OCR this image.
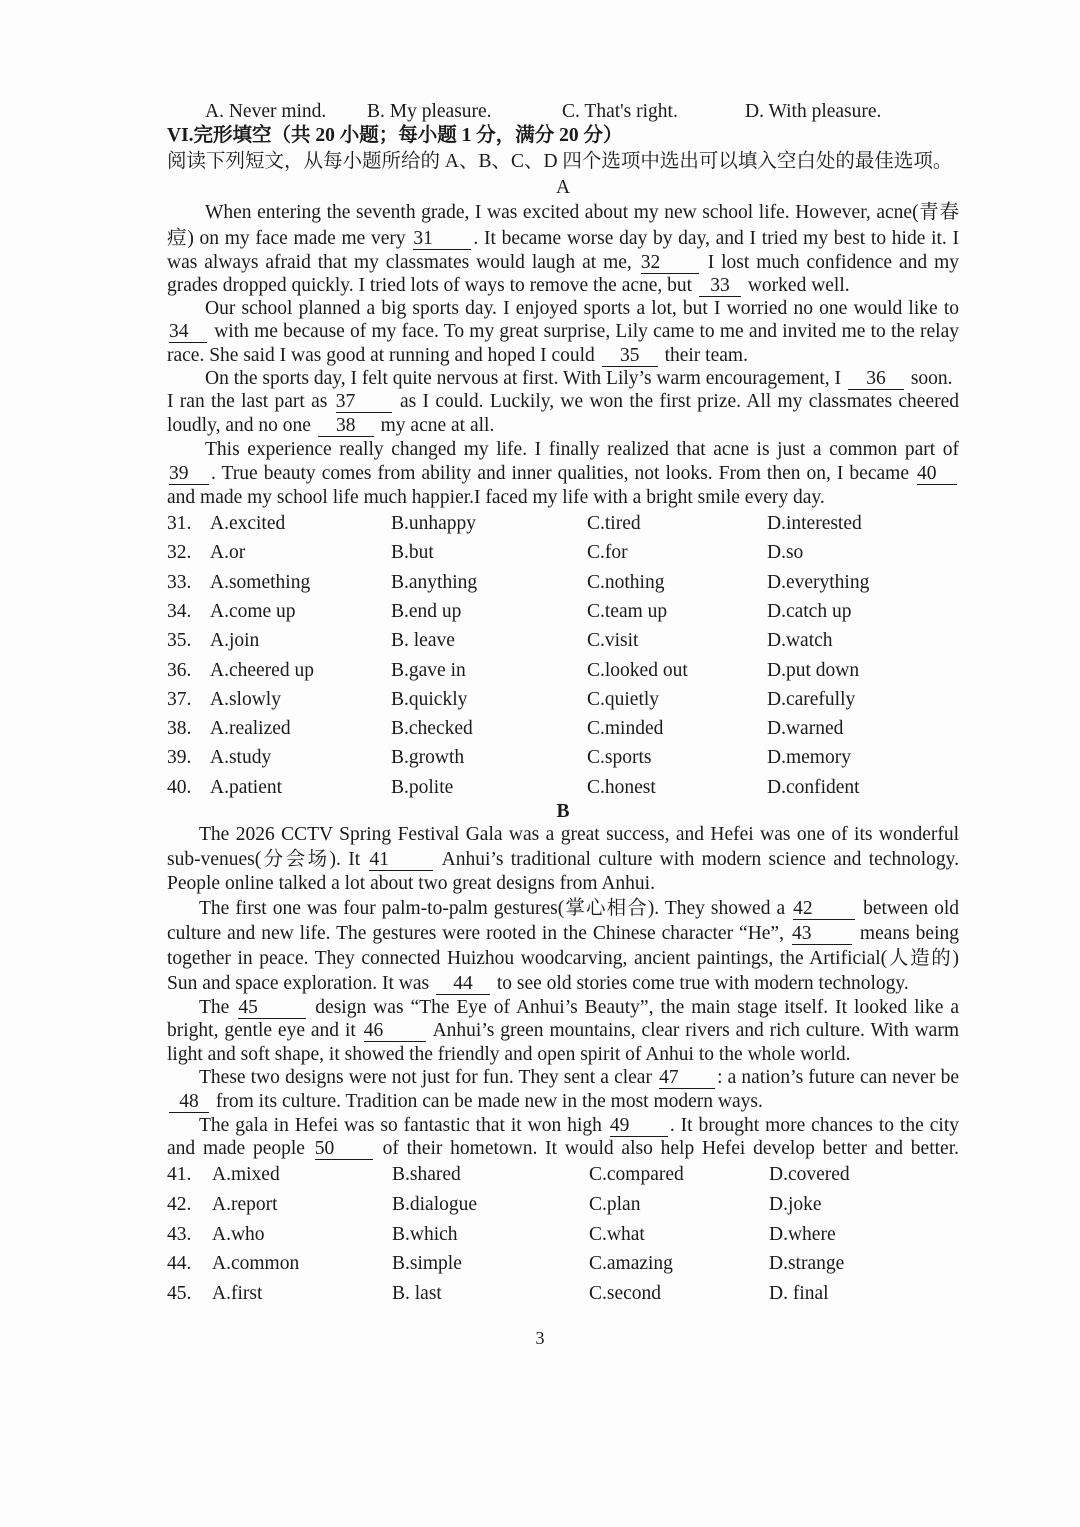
A. Never mind. B. My pleasure.	C. That's right.	D. With pleasure.
VI.完形填空（共 20 小题；每小题 1 分，满分 20 分）
阅读下列短文，从每小题所给的 A、B、C、D 四个选项中选出可以填入空白处的最佳选项。
A
When entering the seventh grade, I was excited about my new school life. However, acne(青春
痘) on my face made me very 31 . It became worse day by day, and I tried my best to hide it. I
was always afraid that my classmates would laugh at me, 32 I lost much confidence and my
grades dropped quickly. I tried lots of ways to remove the acne, but 33 worked well.
Our school planned a big sports day. I enjoyed sports a lot, but I worried no one would like to
34 with me because of my face. To my great surprise, Lily came to me and invited me to the relay
race. She said I was good at running and hoped I could 35 their team.
On the sports day, I felt quite nervous at first. With Lily’s warm encouragement, I 36 soon.
I ran the last part as 37 as I could. Luckily, we won the first prize. All my classmates cheered
loudly, and no one 38 my acne at all.
This experience really changed my life. I finally realized that acne is just a common part of
39 . True beauty comes from ability and inner qualities, not looks. From then on, I became 40
and made my school life much happier.I faced my life with a bright smile every day.
31. A.excited	B.unhappy	C.tired	D.interested
32. A.or	B.but	C.for	D.so
33. A.something	B.anything	C.nothing	D.everything
34. A.come up	B.end up	C.team up	D.catch up
35. A.join	B. leave	C.visit	D.watch
36. A.cheered up	B.gave in	C.looked out	D.put down
37. A.slowly	B.quickly	C.quietly	D.carefully
38. A.realized	B.checked	C.minded	D.warned
39. A.study	B.growth	C.sports	D.memory
40. A.patient	B.polite	C.honest	D.confident
B
The 2026 CCTV Spring Festival Gala was a great success, and Hefei was one of its wonderful
sub-venues(分会场). It 41 Anhui’s traditional culture with modern science and technology.
People online talked a lot about two great designs from Anhui.
The first one was four palm-to-palm gestures(掌心相合). They showed a 42 between old
culture and new life. The gestures were rooted in the Chinese character “He”, 43 means being
together in peace. They connected Huizhou woodcarving, ancient paintings, the Artificial(人造的)
Sun and space exploration. It was 44 to see old stories come true with modern technology.
The 45	design was “The Eye of Anhui’s Beauty”, the main stage itself. It looked like a
bright, gentle eye and it 46 Anhui’s green mountains, clear rivers and rich culture. With warm
light and soft shape, it showed the friendly and open spirit of Anhui to the whole world.
These two designs were not just for fun. They sent a clear 47 : a nation’s future can never be
48 from its culture. Tradition can be made new in the most modern ways.
The gala in Hefei was so fantastic that it won high 49 . It brought more chances to the city
and made people 50 of their hometown. It would also help Hefei develop better and better.
41. A.mixed	B.shared	C.compared	D.covered
42. A.report	B.dialogue	C.plan	D.joke
43. A.who	B.which	C.what	D.where
44. A.common	B.simple	C.amazing	D.strange
45. A.first	B. last	C.second	D. final
3
